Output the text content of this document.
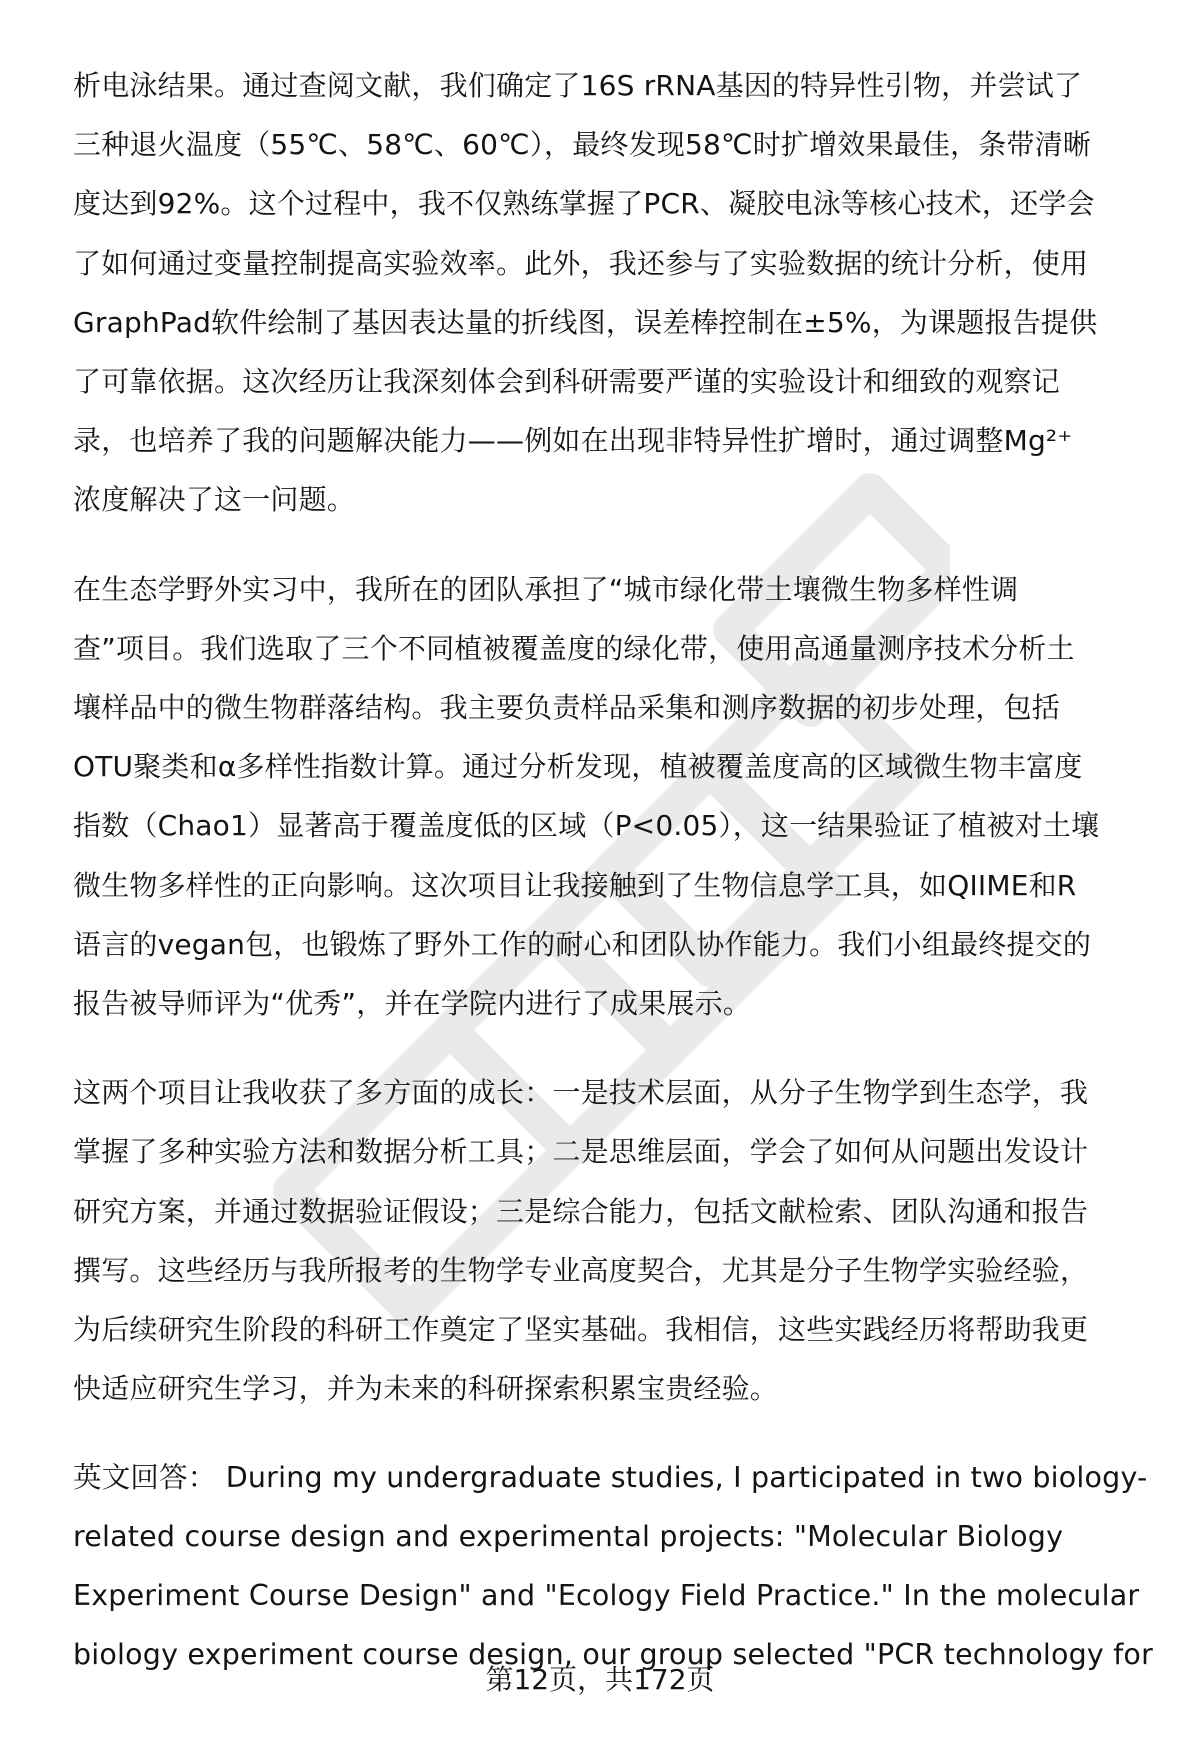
析电泳结果。通过查阅文献，我们确定了16S rRNA基因的特异性引物，并尝试了
三种退火温度（55℃、58℃、60℃），最终发现58℃时扩增效果最佳，条带清晰
度达到92%。这个过程中，我不仅熟练掌握了PCR、凝胶电泳等核心技术，还学会
了如何通过变量控制提高实验效率。此外，我还参与了实验数据的统计分析，使用
GraphPad软件绘制了基因表达量的折线图，误差棒控制在±5%，为课题报告提供
了可靠依据。这次经历让我深刻体会到科研需要严谨的实验设计和细致的观察记
录，也培养了我的问题解决能力——例如在出现非特异性扩增时，通过调整Mg²⁺
浓度解决了这一问题。

在生态学野外实习中，我所在的团队承担了“城市绿化带土壤微生物多样性调
查”项目。我们选取了三个不同植被覆盖度的绿化带，使用高通量测序技术分析土
壤样品中的微生物群落结构。我主要负责样品采集和测序数据的初步处理，包括
OTU聚类和α多样性指数计算。通过分析发现，植被覆盖度高的区域微生物丰富度
指数（Chao1）显著高于覆盖度低的区域（P<0.05），这一结果验证了植被对土壤
微生物多样性的正向影响。这次项目让我接触到了生物信息学工具，如QIIME和R
语言的vegan包，也锻炼了野外工作的耐心和团队协作能力。我们小组最终提交的
报告被导师评为“优秀”，并在学院内进行了成果展示。

这两个项目让我收获了多方面的成长：一是技术层面，从分子生物学到生态学，我
掌握了多种实验方法和数据分析工具；二是思维层面，学会了如何从问题出发设计
研究方案，并通过数据验证假设；三是综合能力，包括文献检索、团队沟通和报告
撰写。这些经历与我所报考的生物学专业高度契合，尤其是分子生物学实验经验，
为后续研究生阶段的科研工作奠定了坚实基础。我相信，这些实践经历将帮助我更
快适应研究生学习，并为未来的科研探索积累宝贵经验。

英文回答： During my undergraduate studies, I participated in two biology-
related course design and experimental projects: "Molecular Biology
Experiment Course Design" and "Ecology Field Practice." In the molecular
biology experiment course design, our group selected "PCR technology for

第12页，共172页
